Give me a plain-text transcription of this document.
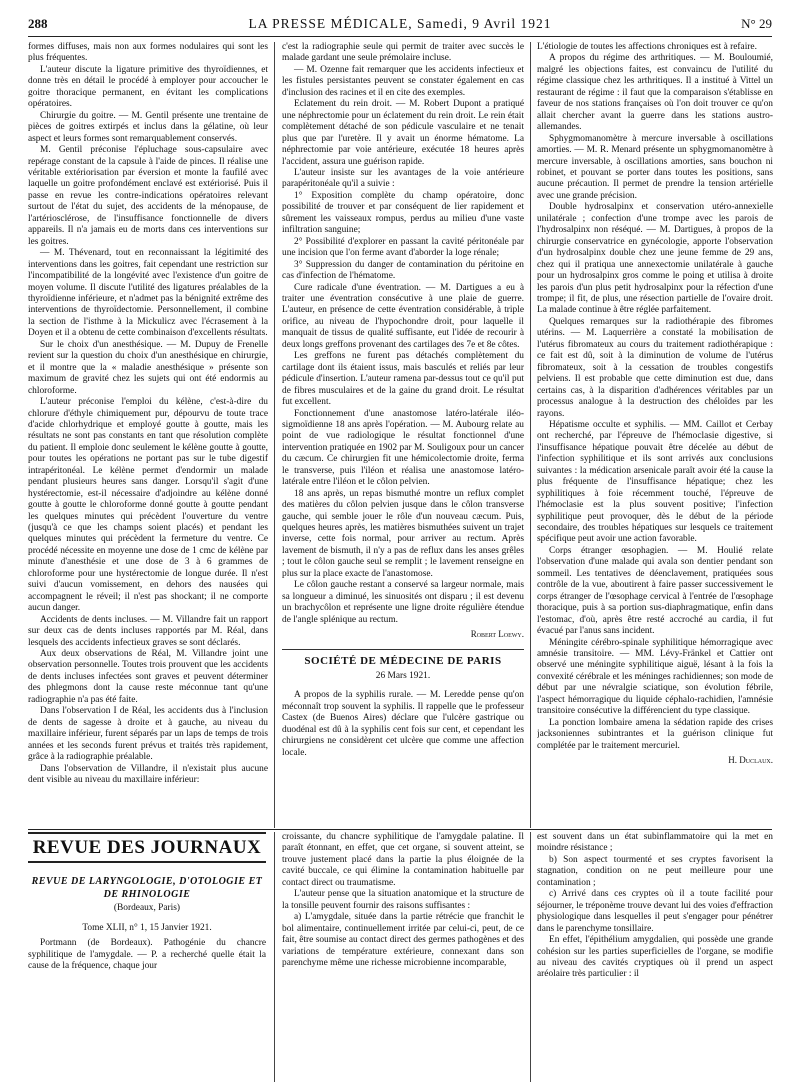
288	LA PRESSE MÉDICALE, Samedi, 9 Avril 1921	N° 29

formes diffuses, mais non aux formes nodulaires qui sont les plus fréquentes.

L'auteur discute la ligature primitive des thyroïdiennes, et donne très en détail le procédé à employer pour accoucher le goitre thoracique permanent, en évitant les complications opératoires.

Chirurgie du goitre. — M. Gentil présente une trentaine de pièces de goitres extirpés et inclus dans la gélatine, où leur aspect et leurs formes sont remarquablement conservés.

M. Gentil préconise l'épluchage sous-capsulaire avec repérage constant de la capsule à l'aide de pinces. Il réalise une véritable extériorisation par éversion et monte la faufilé avec laquelle un goitre profondément enclavé est extériorisé. Puis il passe en revue les contre-indications opératoires relevant surtout de l'état du sujet, des accidents de la ménopause, de l'artériosclérose, de l'insuffisance fonctionnelle de divers appareils. Il n'a jamais eu de morts dans ces interventions sur les goitres.

— M. Thévenard, tout en reconnaissant la légitimité des interventions dans les goitres, fait cependant une restriction sur l'incompatibilité de la longévité avec l'existence d'un goitre de moyen volume. Il discute l'utilité des ligatures préalables de la thyroïdienne inférieure, et n'admet pas la bénignité extrême des interventions de thyroïdectomie. Personnellement, il combine la section de l'isthme à la Mickulicz avec l'écrasement à la Doyen et il a obtenu de cette combinaison d'excellents résultats.

Sur le choix d'un anesthésique. — M. Dupuy de Frenelle revient sur la question du choix d'un anesthésique en chirurgie, et il montre que la « maladie anesthésique » présente son maximum de gravité chez les sujets qui ont été endormis au chloroforme.

L'auteur préconise l'emploi du kélène, c'est-à-dire du chlorure d'éthyle chimiquement pur, dépourvu de toute trace d'acide chlorhydrique et employé goutte à goutte, mais les résultats ne sont pas constants en tant que résolution complète du patient. Il emploie donc seulement le kélène goutte à goutte, pour toutes les opérations ne portant pas sur le tube digestif intrapéritonéal. Le kélène permet d'endormir un malade pendant plusieurs heures sans danger. Lorsqu'il s'agit d'une hystérectomie, est-il nécessaire d'adjoindre au kélène donné goutte à goutte le chloroforme donné goutte à goutte pendant les quelques minutes qui précèdent l'ouverture du ventre (jusqu'à ce que les champs soient placés) et pendant les quelques minutes qui précèdent la fermeture du ventre. Ce procédé nécessite en moyenne une dose de 1 cmc de kélène par minute d'anesthésie et une dose de 3 à 6 grammes de chloroforme pour une hystérectomie de longue durée. Il n'est suivi d'aucun vomissement, en dehors des nausées qui accompagnent le réveil; il n'est pas shockant; il ne comporte aucun danger.

Accidents de dents incluses. — M. Villandre fait un rapport sur deux cas de dents incluses rapportés par M. Réal, dans lesquels des accidents infectieux graves se sont déclarés.

Aux deux observations de Réal, M. Villandre joint une observation personnelle. Toutes trois prouvent que les accidents de dents incluses infectées sont graves et peuvent déterminer des phlegmons dont la cause reste méconnue tant qu'une radiographie n'a pas été faite.

Dans l'observation I de Réal, les accidents dus à l'inclusion de dents de sagesse à droite et à gauche, au niveau du maxillaire inférieur, furent séparés par un laps de temps de trois années et les seconds furent prévus et traités très rapidement, grâce à la radiographie préalable.

Dans l'observation de Villandre, il n'existait plus aucune dent visible au niveau du maxillaire inférieur:

c'est la radiographie seule qui permit de traiter avec succès le malade gardant une seule prémolaire incluse.

— M. Ozenne fait remarquer que les accidents infectieux et les fistules persistantes peuvent se constater également en cas d'inclusion des racines et il en cite des exemples.

Eclatement du rein droit. — M. Robert Dupont a pratiqué une néphrectomie pour un éclatement du rein droit. Le rein était complètement détaché de son pédicule vasculaire et ne tenait plus que par l'uretère. Il y avait un énorme hématome. La néphrectomie par voie antérieure, exécutée 18 heures après l'accident, assura une guérison rapide.

L'auteur insiste sur les avantages de la voie antérieure parapéritonéale qu'il a suivie :

1° Exposition complète du champ opératoire, donc possibilité de trouver et par conséquent de lier rapidement et sûrement les vaisseaux rompus, perdus au milieu d'une vaste infiltration sanguine;

2° Possibilité d'explorer en passant la cavité péritonéale par une incision que l'on ferme avant d'aborder la loge rénale;

3° Suppression du danger de contamination du péritoine en cas d'infection de l'hématome.

Cure radicale d'une éventration. — M. Dartigues a eu à traiter une éventration consécutive à une plaie de guerre. L'auteur, en présence de cette éventration considérable, à triple orifice, au niveau de l'hypochondre droit, pour laquelle il manquait de tissus de qualité suffisante, eut l'idée de recourir à deux longs greffons provenant des cartilages des 7e et 8e côtes.

Les greffons ne furent pas détachés complètement du cartilage dont ils étaient issus, mais basculés et reliés par leur pédicule d'insertion. L'auteur ramena par-dessus tout ce qu'il put de fibres musculaires et de la gaine du grand droit. Le résultat fut excellent.

Fonctionnement d'une anastomose latéro-latérale iléo-sigmoïdienne 18 ans après l'opération. — M. Aubourg relate au point de vue radiologique le résultat fonctionnel d'une intervention pratiquée en 1902 par M. Souligoux pour un cancer du cæcum. Ce chirurgien fit une hémicolectomie droite, ferma le transverse, puis l'iléon et réalisa une anastomose latéro-latérale entre l'iléon et le côlon pelvien.

18 ans après, un repas bismuthé montre un reflux complet des matières du côlon pelvien jusque dans le côlon transverse gauche, qui semble jouer le rôle d'un nouveau cæcum. Puis, quelques heures après, les matières bismuthées suivent un trajet inverse, cette fois normal, pour arriver au rectum. Après lavement de bismuth, il n'y a pas de reflux dans les anses grêles ; tout le côlon gauche seul se remplit ; le lavement renseigne en plus sur la place exacte de l'anastomose.

Le côlon gauche restant a conservé sa largeur normale, mais sa longueur a diminué, les sinuosités ont disparu ; il est devenu un brachycôlon et représente une ligne droite régulière étendue de l'angle splénique au rectum.

Robert Loewy.
SOCIÉTÉ DE MÉDECINE DE PARIS
26 Mars 1921.

A propos de la syphilis rurale. — M. Leredde pense qu'on méconnaît trop souvent la syphilis. Il rappelle que le professeur Castex (de Buenos Aires) déclare que l'ulcère gastrique ou duodénal est dû à la syphilis cent fois sur cent, et cependant les chirurgiens ne considèrent cet ulcère que comme une affection locale.

L'étiologie de toutes les affections chroniques est à refaire.

A propos du régime des arthritiques. — M. Bouloumié, malgré les objections faites, est convaincu de l'utilité du régime classique chez les arthritiques. Il a institué à Vittel un restaurant de régime : il faut que la comparaison s'établisse en faveur de nos stations françaises où l'on doit trouver ce qu'on allait chercher avant la guerre dans les stations austro-allemandes.

Sphygmomanomètre à mercure inversable à oscillations amorties. — M. R. Menard présente un sphygmomanomètre à mercure inversable, à oscillations amorties, sans bouchon ni robinet, et pouvant se porter dans toutes les positions, sans aucune précaution. Il permet de prendre la tension artérielle avec une grande précision.

Double hydrosalpinx et conservation utéro-annexielle unilatérale ; confection d'une trompe avec les parois de l'hydrosalpinx non réséqué. — M. Dartigues, à propos de la chirurgie conservatrice en gynécologie, apporte l'observation d'un hydrosalpinx double chez une jeune femme de 29 ans, chez qui il pratiqua une annexectomie unilatérale à gauche pour un hydrosalpinx gros comme le poing et utilisa à droite les parois d'un plus petit hydrosalpinx pour la réfection d'une trompe; il fit, de plus, une résection partielle de l'ovaire droit. La malade continue à être réglée parfaitement.

Quelques remarques sur la radiothérapie des fibromes utérins. — M. Laquerrière a constaté la mobilisation de l'utérus fibromateux au cours du traitement radiothérapique : ce fait est dû, soit à la diminution de volume de l'utérus fibromateux, soit à la cessation de troubles congestifs pelviens. Il est probable que cette diminution est due, dans certains cas, à la disparition d'adhérences véritables par un processus analogue à la destruction des chéloïdes par les rayons.

Hépatisme occulte et syphilis. — MM. Caillot et Cerbay ont recherché, par l'épreuve de l'hémoclasie digestive, si l'insuffisance hépatique pouvait être décelée au début de l'infection syphilitique et ils sont arrivés aux conclusions suivantes : la médication arsenicale paraît avoir été la cause la plus fréquente de l'insuffisance hépatique; chez les syphilitiques à foie récemment touché, l'épreuve de l'hémoclasie est la plus souvent positive; l'infection syphilitique peut provoquer, dès le début de la période secondaire, des troubles hépatiques sur lesquels ce traitement spécifique peut avoir une action favorable.

Corps étranger œsophagien. — M. Houlié relate l'observation d'une malade qui avala son dentier pendant son sommeil. Les tentatives de déenclavement, pratiquées sous contrôle de la vue, aboutirent à faire passer successivement le corps étranger de l'œsophage cervical à l'entrée de l'œsophage thoracique, puis à sa portion sus-diaphragmatique, enfin dans l'estomac, d'où, après être resté accroché au cardia, il fut évacué par l'anus sans incident.

Méningite cérébro-spinale syphilitique hémorragique avec amnésie transitoire. — MM. Lévy-Fränkel et Cattier ont observé une méningite syphilitique aiguë, lésant à la fois la convexité cérébrale et les méninges rachidiennes; son mode de début par une névralgie sciatique, son évolution fébrile, l'aspect hémorragique du liquide céphalo-rachidien, l'amnésie transitoire consécutive la différencient du type classique.

La ponction lombaire amena la sédation rapide des crises jacksoniennes subintrantes et la guérison clinique fut complétée par le traitement mercuriel.

H. Duclaux.
REVUE DES JOURNAUX
REVUE DE LARYNGOLOGIE, D'OTOLOGIE ET DE RHINOLOGIE
(Bordeaux, Paris)
Tome XLII, n° 1, 15 Janvier 1921.

Portmann (de Bordeaux). Pathogénie du chancre syphilitique de l'amygdale. — P. a recherché quelle était la cause de la fréquence, chaque jour

croissante, du chancre syphilitique de l'amygdale palatine. Il paraît étonnant, en effet, que cet organe, si souvent atteint, se trouve justement placé dans la partie la plus éloignée de la cavité buccale, ce qui élimine la contamination habituelle par contact direct ou traumatisme.

L'auteur pense que la situation anatomique et la structure de la tonsille peuvent fournir des raisons suffisantes :

a) L'amygdale, située dans la partie rétrécie que franchit le bol alimentaire, continuellement irritée par celui-ci, peut, de ce fait, être soumise au contact direct des germes pathogènes et des variations de température extérieure, connexant dans son parenchyme même une richesse microbienne incomparable,

est souvent dans un état subinflammatoire qui la met en moindre résistance ;

b) Son aspect tourmenté et ses cryptes favorisent la stagnation, condition on ne peut meilleure pour une contamination ;

c) Arrivé dans ces cryptes où il a toute facilité pour séjourner, le tréponème trouve devant lui des voies d'effraction physiologique dans lesquelles il peut s'engager pour pénétrer dans le parenchyme tonsillaire.

En effet, l'épithélium amygdalien, qui possède une grande cohésion sur les parties superficielles de l'organe, se modifie au niveau des cavités cryptiques où il prend un aspect aréolaire très particulier : il
